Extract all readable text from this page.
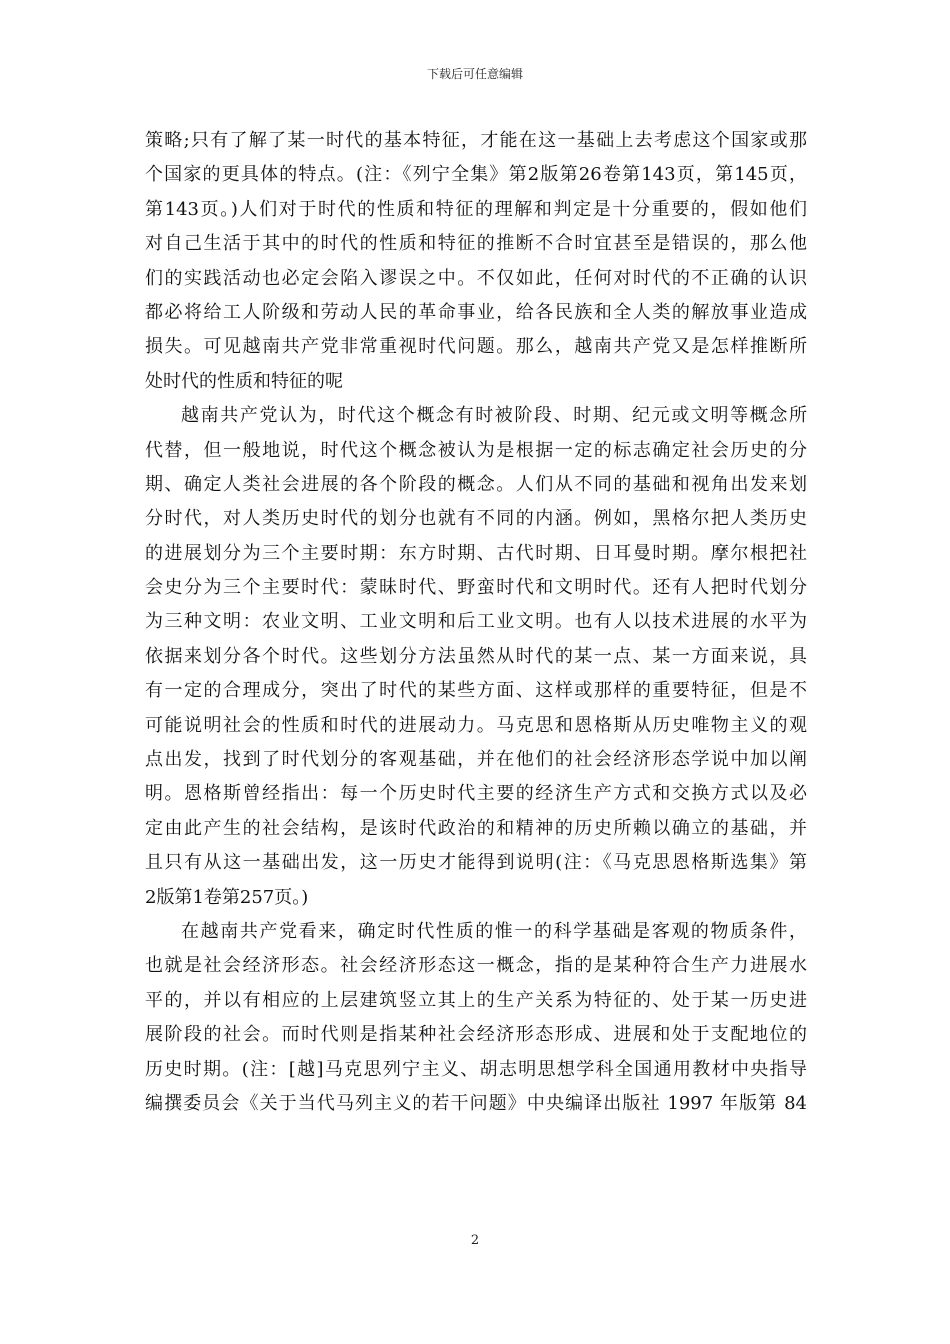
下载后可任意编辑
策略;只有了解了某一时代的基本特征，才能在这一基础上去考虑这个国家或那
个国家的更具体的特点。(注：《列宁全集》第2版第26卷第143页，第145页，
第143页。)人们对于时代的性质和特征的理解和判定是十分重要的，假如他们
对自己生活于其中的时代的性质和特征的推断不合时宜甚至是错误的，那么他
们的实践活动也必定会陷入谬误之中。不仅如此，任何对时代的不正确的认识
都必将给工人阶级和劳动人民的革命事业，给各民族和全人类的解放事业造成
损失。可见越南共产党非常重视时代问题。那么，越南共产党又是怎样推断所
处时代的性质和特征的呢
越南共产党认为，时代这个概念有时被阶段、时期、纪元或文明等概念所
代替，但一般地说，时代这个概念被认为是根据一定的标志确定社会历史的分
期、确定人类社会进展的各个阶段的概念。人们从不同的基础和视角出发来划
分时代，对人类历史时代的划分也就有不同的内涵。例如，黑格尔把人类历史
的进展划分为三个主要时期：东方时期、古代时期、日耳曼时期。摩尔根把社
会史分为三个主要时代：蒙昧时代、野蛮时代和文明时代。还有人把时代划分
为三种文明：农业文明、工业文明和后工业文明。也有人以技术进展的水平为
依据来划分各个时代。这些划分方法虽然从时代的某一点、某一方面来说，具
有一定的合理成分，突出了时代的某些方面、这样或那样的重要特征，但是不
可能说明社会的性质和时代的进展动力。马克思和恩格斯从历史唯物主义的观
点出发，找到了时代划分的客观基础，并在他们的社会经济形态学说中加以阐
明。恩格斯曾经指出：每一个历史时代主要的经济生产方式和交换方式以及必
定由此产生的社会结构，是该时代政治的和精神的历史所赖以确立的基础，并
且只有从这一基础出发，这一历史才能得到说明(注：《马克思恩格斯选集》第
2版第1卷第257页。)
在越南共产党看来，确定时代性质的惟一的科学基础是客观的物质条件，
也就是社会经济形态。社会经济形态这一概念，指的是某种符合生产力进展水
平的，并以有相应的上层建筑竖立其上的生产关系为特征的、处于某一历史进
展阶段的社会。而时代则是指某种社会经济形态形成、进展和处于支配地位的
历史时期。(注：[越]马克思列宁主义、胡志明思想学科全国通用教材中央指导
编撰委员会《关于当代马列主义的若干问题》中央编译出版社 1997 年版第 84
2
